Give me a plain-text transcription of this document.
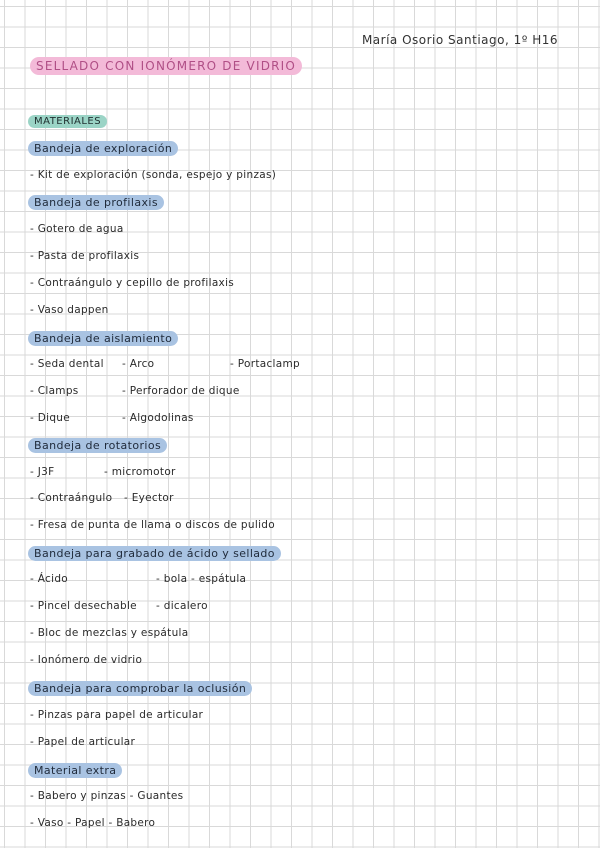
María Osorio Santiago, 1º H16
SELLADO CON IONÓMERO DE VIDRIO
MATERIALES
Bandeja de exploración
- Kit de exploración (sonda, espejo y pinzas)
Bandeja de profilaxis
- Gotero de agua
- Pasta de profilaxis
- Contraángulo y cepillo de profilaxis
- Vaso dappen
Bandeja de aislamiento
- Seda dental - Arco	- Portaclamp
- Clamps	- Perforador de dique
- Dique	- Algodolinas
Bandeja de rotatorios
- J3F	- micromotor
- Contraángulo - Eyector
- Fresa de punta de llama o discos de pulido
Bandeja para grabado de ácido y sellado
- Ácido	- bola - espátula
- Pincel desechable - dicalero
- Bloc de mezclas y espátula
- Ionómero de vidrio
Bandeja para comprobar la oclusión
- Pinzas para papel de articular
- Papel de articular
Material extra
- Babero y pinzas - Guantes
- Vaso - Papel - Babero
